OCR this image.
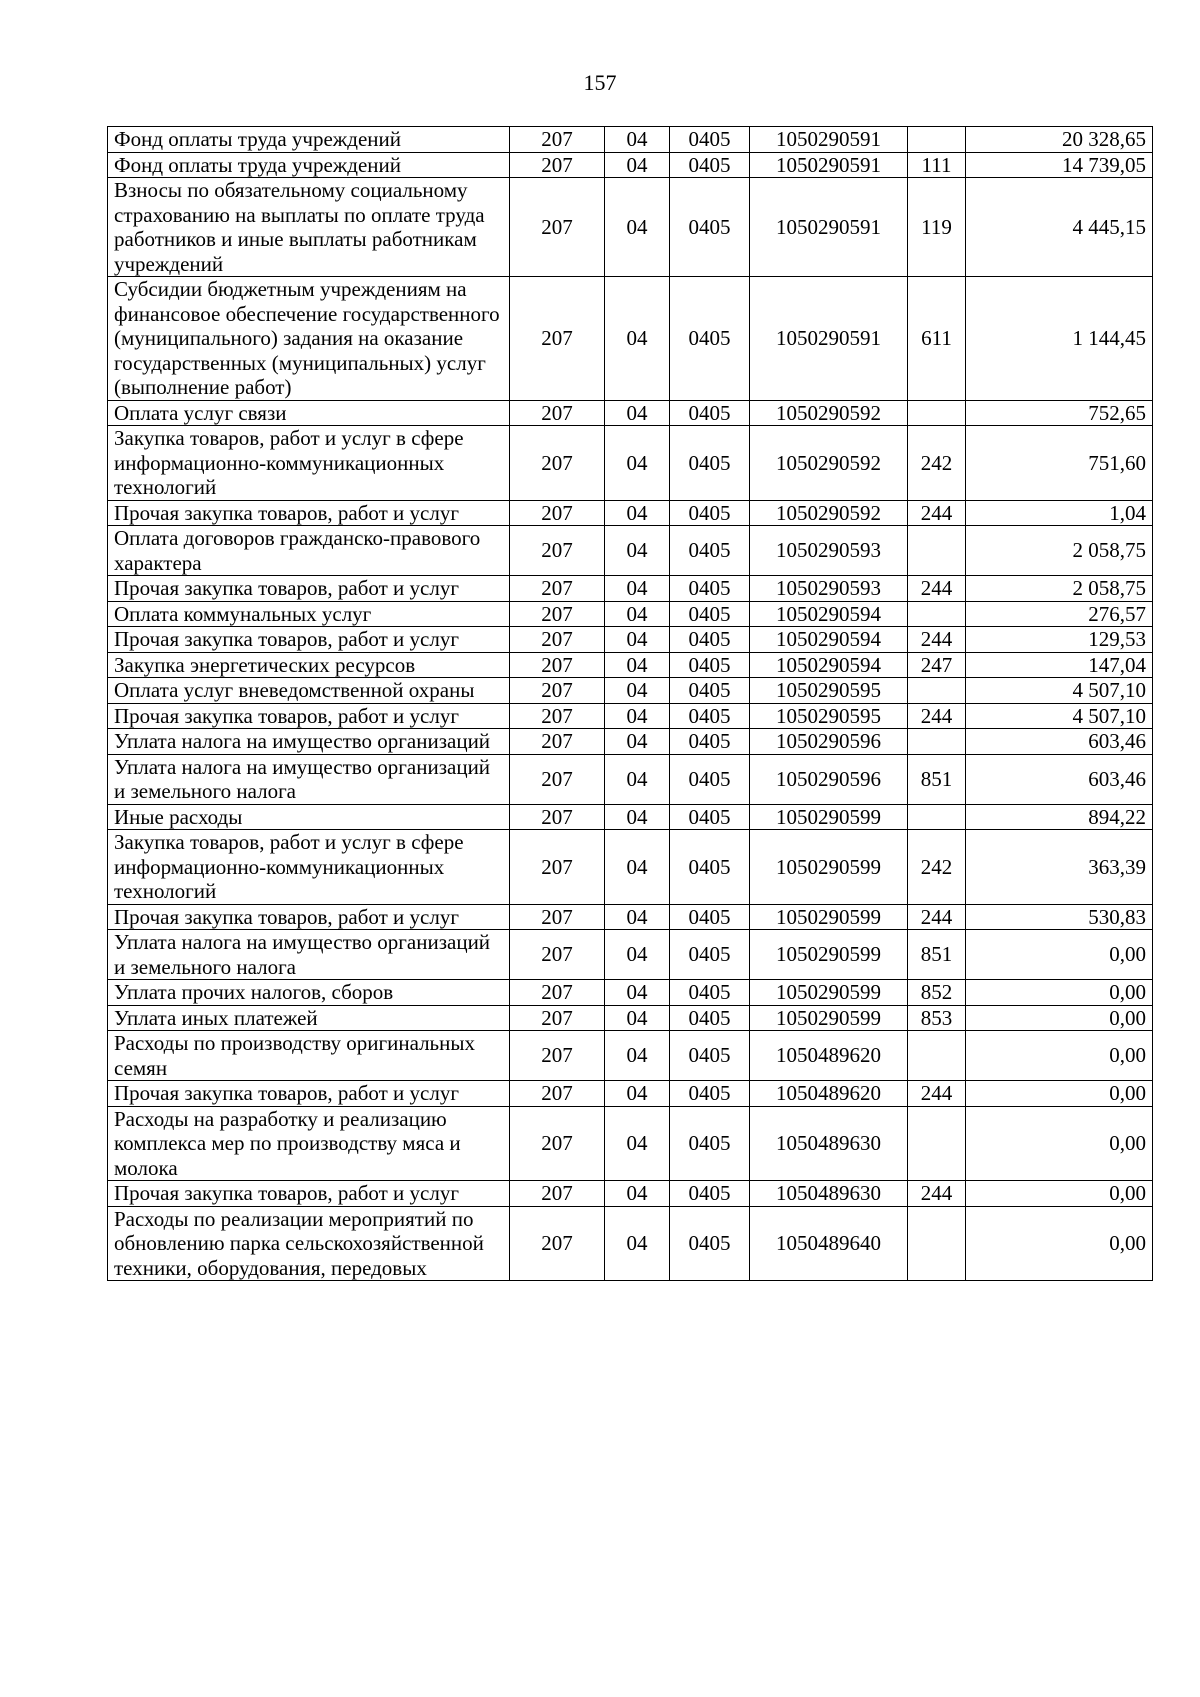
157
Фонд оплаты труда учреждений	207	04	0405	1050290591		20 328,65
Фонд оплаты труда учреждений	207	04	0405	1050290591	111	14 739,05
Взносы по обязательному социальному страхованию на выплаты по оплате труда работников и иные выплаты работникам учреждений	207	04	0405	1050290591	119	4 445,15
Субсидии бюджетным учреждениям на финансовое обеспечение государственного (муниципального) задания на оказание государственных (муниципальных) услуг (выполнение работ)	207	04	0405	1050290591	611	1 144,45
Оплата услуг связи	207	04	0405	1050290592		752,65
Закупка товаров, работ и услуг в сфере информационно-коммуникационных технологий	207	04	0405	1050290592	242	751,60
Прочая закупка товаров, работ и услуг	207	04	0405	1050290592	244	1,04
Оплата договоров гражданско-правового характера	207	04	0405	1050290593		2 058,75
Прочая закупка товаров, работ и услуг	207	04	0405	1050290593	244	2 058,75
Оплата коммунальных услуг	207	04	0405	1050290594		276,57
Прочая закупка товаров, работ и услуг	207	04	0405	1050290594	244	129,53
Закупка энергетических ресурсов	207	04	0405	1050290594	247	147,04
Оплата услуг вневедомственной охраны	207	04	0405	1050290595		4 507,10
Прочая закупка товаров, работ и услуг	207	04	0405	1050290595	244	4 507,10
Уплата налога на имущество организаций	207	04	0405	1050290596		603,46
Уплата налога на имущество организаций и земельного налога	207	04	0405	1050290596	851	603,46
Иные расходы	207	04	0405	1050290599		894,22
Закупка товаров, работ и услуг в сфере информационно-коммуникационных технологий	207	04	0405	1050290599	242	363,39
Прочая закупка товаров, работ и услуг	207	04	0405	1050290599	244	530,83
Уплата налога на имущество организаций и земельного налога	207	04	0405	1050290599	851	0,00
Уплата прочих налогов, сборов	207	04	0405	1050290599	852	0,00
Уплата иных платежей	207	04	0405	1050290599	853	0,00
Расходы по производству оригинальных семян	207	04	0405	1050489620		0,00
Прочая закупка товаров, работ и услуг	207	04	0405	1050489620	244	0,00
Расходы на разработку и реализацию комплекса мер по производству мяса и молока	207	04	0405	1050489630		0,00
Прочая закупка товаров, работ и услуг	207	04	0405	1050489630	244	0,00
Расходы по реализации мероприятий по обновлению парка сельскохозяйственной техники, оборудования, передовых	207	04	0405	1050489640		0,00
